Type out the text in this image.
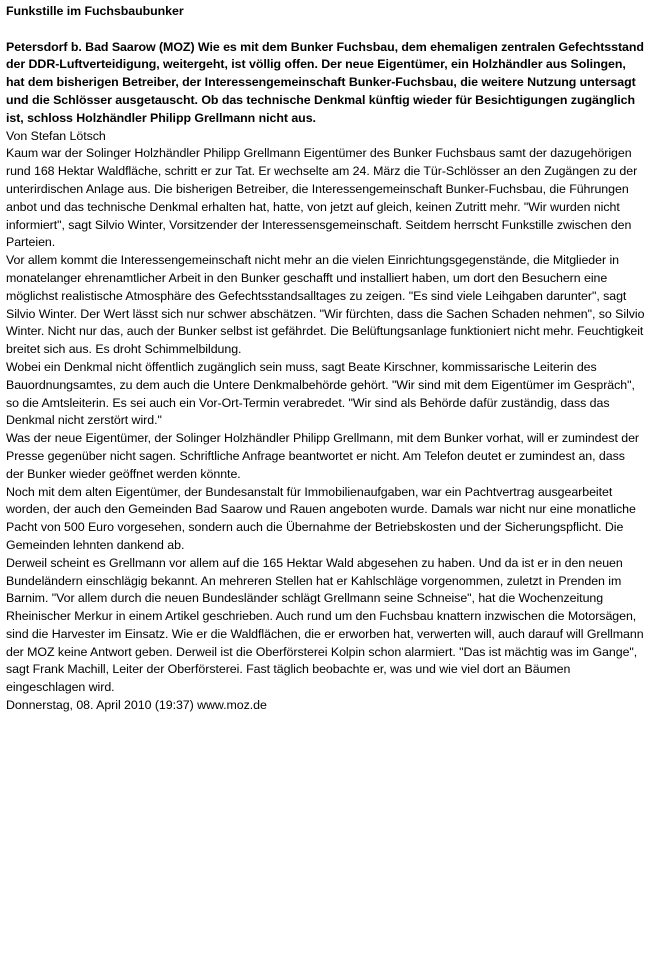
Funkstille im Fuchsbaubunker

Petersdorf b. Bad Saarow (MOZ) Wie es mit dem Bunker Fuchsbau, dem ehemaligen zentralen Gefechtsstand der DDR-Luftverteidigung, weitergeht, ist völlig offen. Der neue Eigentümer, ein Holzhändler aus Solingen, hat dem bisherigen Betreiber, der Interessengemeinschaft Bunker-Fuchsbau, die weitere Nutzung untersagt und die Schlösser ausgetauscht. Ob das technische Denkmal künftig wieder für Besichtigungen zugänglich ist, schloss Holzhändler Philipp Grellmann nicht aus.

Von Stefan Lötsch

Kaum war der Solinger Holzhändler Philipp Grellmann Eigentümer des Bunker Fuchsbaus samt der dazugehörigen rund 168 Hektar Waldfläche, schritt er zur Tat. Er wechselte am 24. März die Tür-Schlösser an den Zugängen zu der unterirdischen Anlage aus. Die bisherigen Betreiber, die Interessengemeinschaft Bunker-Fuchsbau, die Führungen anbot und das technische Denkmal erhalten hat, hatte, von jetzt auf gleich, keinen Zutritt mehr. "Wir wurden nicht informiert", sagt Silvio Winter, Vorsitzender der Interessensgemeinschaft. Seitdem herrscht Funkstille zwischen den Parteien.

Vor allem kommt die Interessengemeinschaft nicht mehr an die vielen Einrichtungsgegenstände, die Mitglieder in monatelanger ehrenamtlicher Arbeit in den Bunker geschafft und installiert haben, um dort den Besuchern eine möglichst realistische Atmosphäre des Gefechtsstandsalltages zu zeigen. "Es sind viele Leihgaben darunter", sagt Silvio Winter. Der Wert lässt sich nur schwer abschätzen. "Wir fürchten, dass die Sachen Schaden nehmen", so Silvio Winter. Nicht nur das, auch der Bunker selbst ist gefährdet. Die Belüftungsanlage funktioniert nicht mehr. Feuchtigkeit breitet sich aus. Es droht Schimmelbildung.

Wobei ein Denkmal nicht öffentlich zugänglich sein muss, sagt Beate Kirschner, kommissarische Leiterin des Bauordnungsamtes, zu dem auch die Untere Denkmalbehörde gehört. "Wir sind mit dem Eigentümer im Gespräch", so die Amtsleiterin. Es sei auch ein Vor-Ort-Termin verabredet. "Wir sind als Behörde dafür zuständig, dass das Denkmal nicht zerstört wird."

Was der neue Eigentümer, der Solinger Holzhändler Philipp Grellmann, mit dem Bunker vorhat, will er zumindest der Presse gegenüber nicht sagen. Schriftliche Anfrage beantwortet er nicht. Am Telefon deutet er zumindest an, dass der Bunker wieder geöffnet werden könnte.

Noch mit dem alten Eigentümer, der Bundesanstalt für Immobilienaufgaben, war ein Pachtvertrag ausgearbeitet worden, der auch den Gemeinden Bad Saarow und Rauen angeboten wurde. Damals war nicht nur eine monatliche Pacht von 500 Euro vorgesehen, sondern auch die Übernahme der Betriebskosten und der Sicherungspflicht. Die Gemeinden lehnten dankend ab.

Derweil scheint es Grellmann vor allem auf die 165 Hektar Wald abgesehen zu haben. Und da ist er in den neuen Bundeländern einschlägig bekannt. An mehreren Stellen hat er Kahlschläge vorgenommen, zuletzt in Prenden im Barnim. "Vor allem durch die neuen Bundesländer schlägt Grellmann seine Schneise", hat die Wochenzeitung Rheinischer Merkur in einem Artikel geschrieben. Auch rund um den Fuchsbau knattern inzwischen die Motorsägen, sind die Harvester im Einsatz. Wie er die Waldflächen, die er erworben hat, verwerten will, auch darauf will Grellmann der MOZ keine Antwort geben. Derweil ist die Oberförsterei Kolpin schon alarmiert. "Das ist mächtig was im Gange", sagt Frank Machill, Leiter der Oberförsterei. Fast täglich beobachte er, was und wie viel dort an Bäumen eingeschlagen wird.

Donnerstag, 08. April 2010 (19:37) www.moz.de
